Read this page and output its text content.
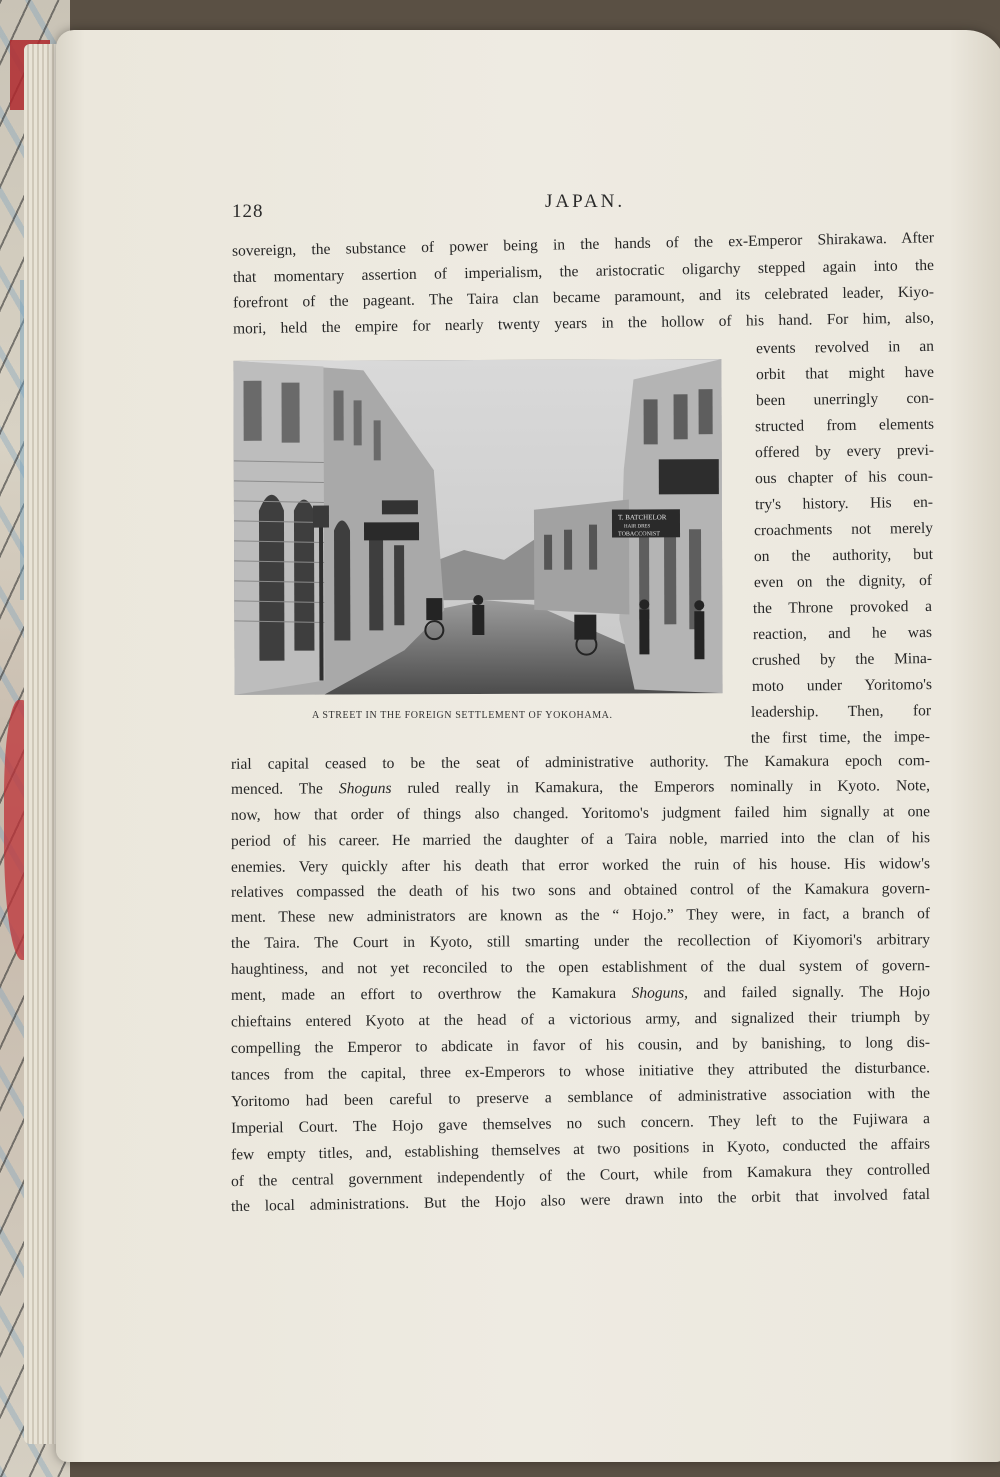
128	JAPAN.
sovereign, the substance of power being in the hands of the ex-Emperor Shirakawa. After
that momentary assertion of imperialism, the aristocratic oligarchy stepped again into the
forefront of the pageant. The Taira clan became paramount, and its celebrated leader, Kiyo-
mori, held the empire for nearly twenty years in the hollow of his hand. For him, also,
T. BATCHELOR
HAIR DRES
TOBACCONIST
A STREET IN THE FOREIGN SETTLEMENT OF YOKOHAMA.
events revolved in an
orbit that might have
been unerringly con-
structed from elements
offered by every previ-
ous chapter of his coun-
try's history. His en-
croachments not merely
on the authority, but
even on the dignity, of
the Throne provoked a
reaction, and he was
crushed by the Mina-
moto under Yoritomo's
leadership. Then, for
the first time, the impe-
rial capital ceased to be the seat of administrative authority. The Kamakura epoch com-
menced. The Shoguns ruled really in Kamakura, the Emperors nominally in Kyoto. Note,
now, how that order of things also changed. Yoritomo's judgment failed him signally at one
period of his career. He married the daughter of a Taira noble, married into the clan of his
enemies. Very quickly after his death that error worked the ruin of his house. His widow's
relatives compassed the death of his two sons and obtained control of the Kamakura govern-
ment. These new administrators are known as the “ Hojo.” They were, in fact, a branch of
the Taira. The Court in Kyoto, still smarting under the recollection of Kiyomori's arbitrary
haughtiness, and not yet reconciled to the open establishment of the dual system of govern-
ment, made an effort to overthrow the Kamakura Shoguns, and failed signally. The Hojo
chieftains entered Kyoto at the head of a victorious army, and signalized their triumph by
compelling the Emperor to abdicate in favor of his cousin, and by banishing, to long dis-
tances from the capital, three ex-Emperors to whose initiative they attributed the disturbance.
Yoritomo had been careful to preserve a semblance of administrative association with the
Imperial Court. The Hojo gave themselves no such concern. They left to the Fujiwara a
few empty titles, and, establishing themselves at two positions in Kyoto, conducted the affairs
of the central government independently of the Court, while from Kamakura they controlled
the local administrations. But the Hojo also were drawn into the orbit that involved fatal
